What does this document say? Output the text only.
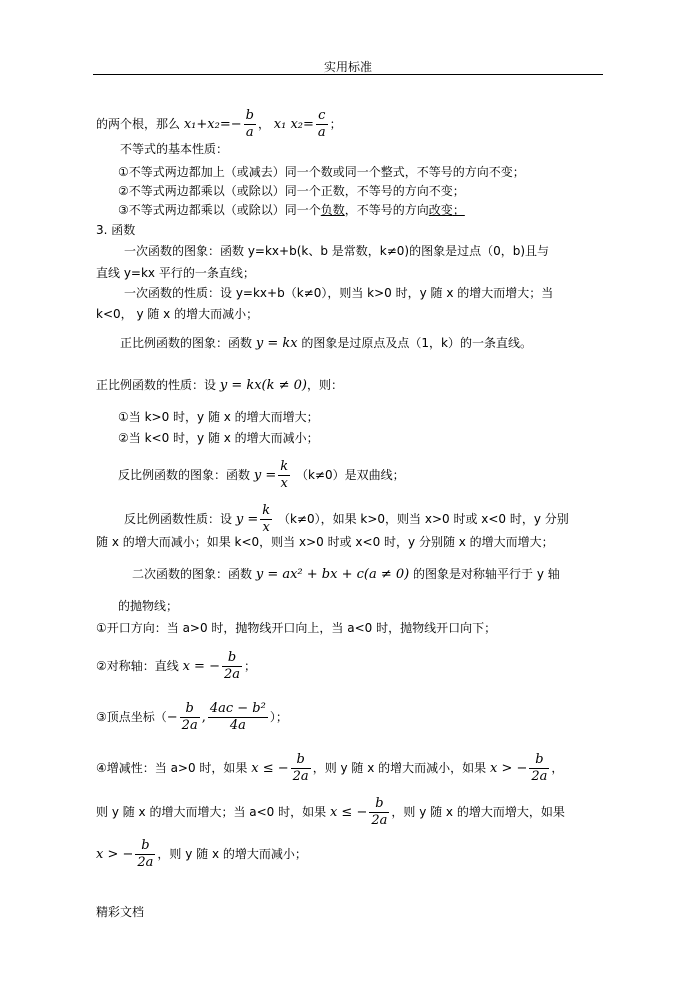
实用标准
的两个根，那么 $x_1+x_2=- \frac{b}{a}$ ， x₁ $x_2= \frac{c}{a}$ ；
不等式的基本性质：
①不等式两边都加上（或减去）同一个数或同一个整式，不等号的方向不变；
②不等式两边都乘以（或除以）同一个正数，不等号的方向不变；
③不等式两边都乘以（或除以）同一个负数，不等号的方向改变；
3. 函数
一次函数的图象：函数 y=kx+b(k、b 是常数，k≠0)的图象是过点（0，b)且与
直线 y=kx 平行的一条直线；
一次函数的性质：设 y=kx+b（k≠0），则当 k>0 时，y 随 x 的增大而增大；当
k<0， y 随 x 的增大而减小；
正比例函数的图象：函数 y = kx 的图象是过原点及点（1，k）的一条直线。
正比例函数的性质：设 y = kx(k ≠ 0)，则：
①当 k>0 时，y 随 x 的增大而增大；
②当 k<0 时，y 随 x 的增大而减小；
反比例函数的图象：函数 $y = \frac{k}{x} (k\ne 0)$是双曲线；
反比例函数性质：设 $y = \frac{k}{x} (k\ne 0)$，如果 k>0，则当 x>0 时或 x<0 时，y 分别
随 x 的增大而减小；如果 k<0，则当 x>0 时或 x<0 时，y 分别随 x 的增大而增大；
二次函数的图象：函数 y = ax² + bx + c(a ≠ 0) 的图象是对称轴平行于 y 轴
的抛物线；
①开口方向：当 a>0 时，抛物线开口向上，当 a<0 时，抛物线开口向下；
②对称轴：直线 x = − $\frac{b}{2a}$ ；
③顶点坐标（− $\frac{b}{2a}$ , $\frac{\text{4ac − b²}}{4a}$ ）；
④增减性：当 a>0 时，如果 x ≤ − $\frac{b}{2a}$ ，则 y 随 x 的增大而减小，如果 x > − $\frac{b}{2a}$ ，
则 y 随 x 的增大而增大；当 a<0 时，如果 x ≤ − $\frac{b}{2a}$ ，则 y 随 x 的增大而增大，如果
x > − $\frac{b}{2a}$ ，则 y 随 x 的增大而减小；
精彩文档
